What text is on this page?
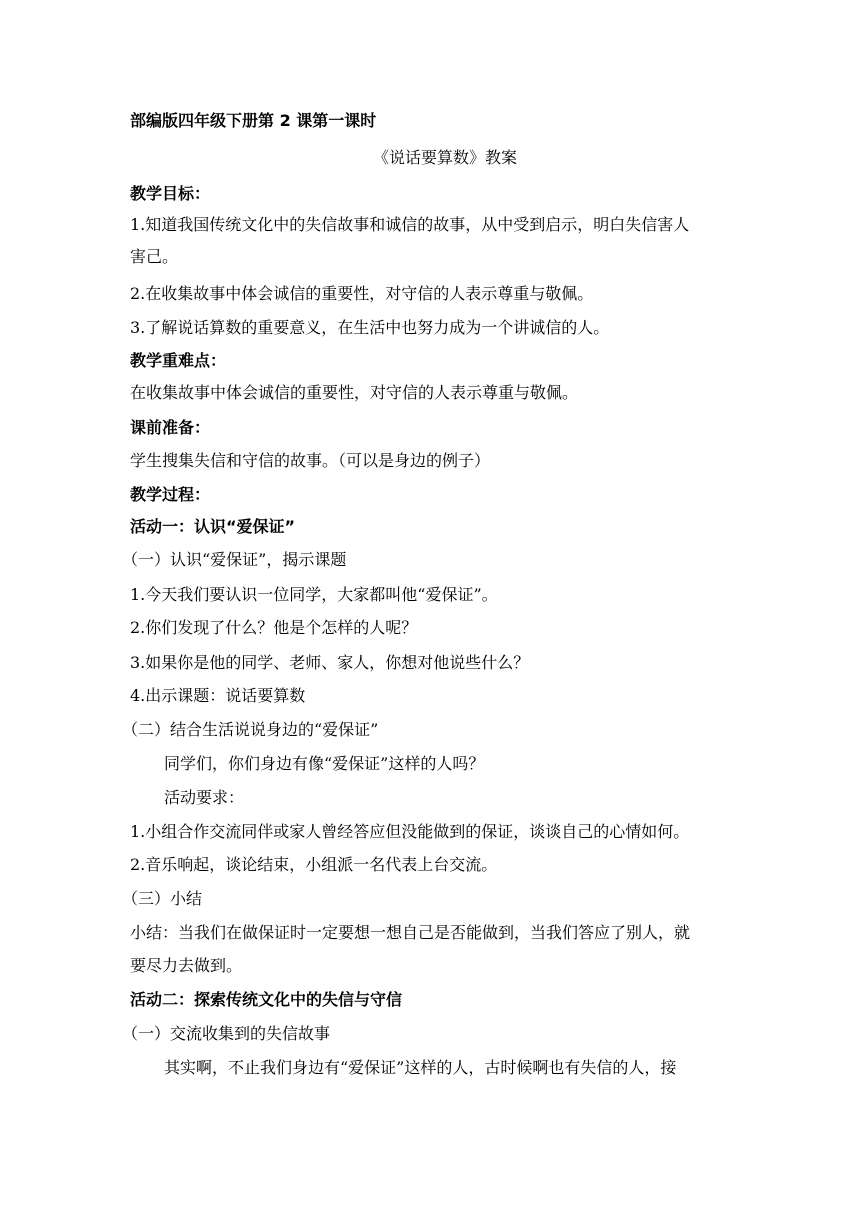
部编版四年级下册第 2 课第一课时
《说话要算数》教案
教学目标：
1.知道我国传统文化中的失信故事和诚信的故事，从中受到启示，明白失信害人
害己。
2.在收集故事中体会诚信的重要性，对守信的人表示尊重与敬佩。
3.了解说话算数的重要意义，在生活中也努力成为一个讲诚信的人。
教学重难点：
在收集故事中体会诚信的重要性，对守信的人表示尊重与敬佩。
课前准备：
学生搜集失信和守信的故事。（可以是身边的例子）
教学过程：
活动一：认识“爱保证”
（一）认识“爱保证”，揭示课题
1.今天我们要认识一位同学，大家都叫他“爱保证”。
2.你们发现了什么？他是个怎样的人呢？
3.如果你是他的同学、老师、家人，你想对他说些什么？
4.出示课题：说话要算数
（二）结合生活说说身边的“爱保证”
同学们，你们身边有像“爱保证”这样的人吗？
活动要求：
1.小组合作交流同伴或家人曾经答应但没能做到的保证，谈谈自己的心情如何。
2.音乐响起，谈论结束，小组派一名代表上台交流。
（三）小结
小结：当我们在做保证时一定要想一想自己是否能做到，当我们答应了别人，就
要尽力去做到。
活动二：探索传统文化中的失信与守信
（一）交流收集到的失信故事
其实啊，不止我们身边有“爱保证”这样的人，古时候啊也有失信的人，接
